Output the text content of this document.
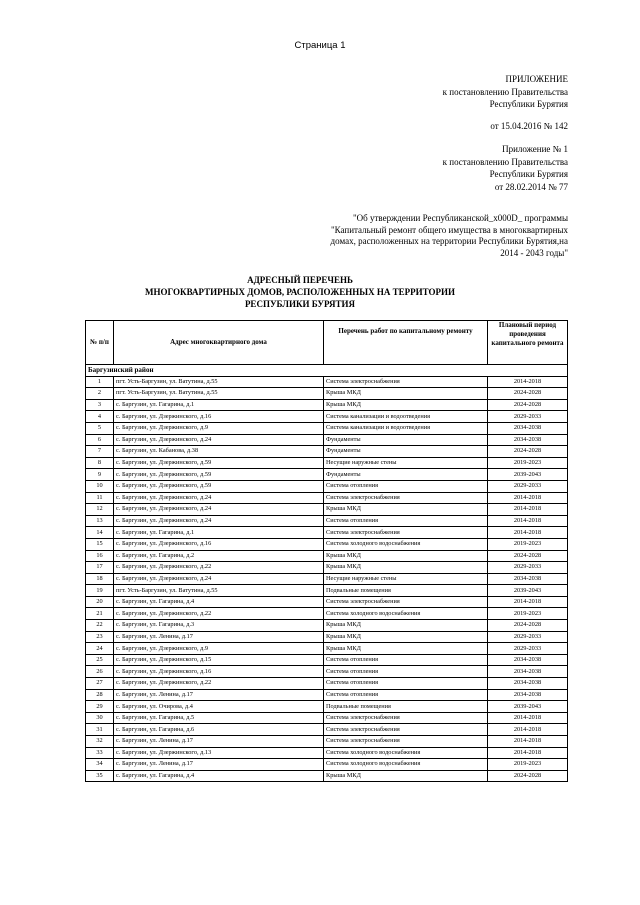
Страница 1
ПРИЛОЖЕНИЕ
к постановлению Правительства
Республики Бурятия
от 15.04.2016 № 142
Приложение № 1
к постановлению Правительства
Республики Бурятия
от 28.02.2014 № 77
"Об утверждении Республиканской_x000D_ программы "Капитальный ремонт общего имущества в многоквартирных домах, расположенных на территории Республики Бурятия,на 2014 - 2043 годы"
АДРЕСНЫЙ ПЕРЕЧЕНЬ
МНОГОКВАРТИРНЫХ ДОМОВ, РАСПОЛОЖЕННЫХ НА ТЕРРИТОРИИ
РЕСПУБЛИКИ БУРЯТИЯ
№ п/п	Адрес многоквартирного дома	Перечень работ по капитальному ремонту	Плановый период проведения капитального ремонта
Баргузинский район			
1	пгт. Усть-Баргузин, ул. Ватутина, д.55	Система электроснабжения	2014-2018
2	пгт. Усть-Баргузин, ул. Ватутина, д.55	Крыша МКД	2024-2028
3	с. Баргузин, ул. Гагарина, д.1	Крыша МКД	2024-2028
4	с. Баргузин, ул. Дзержинского, д.16	Система канализации и водоотведения	2029-2033
5	с. Баргузин, ул. Дзержинского, д.9	Система канализации и водоотведения	2034-2038
6	с. Баргузин, ул. Дзержинского, д.24	Фундаменты	2034-2038
7	с. Баргузин, ул. Кабанова, д.38	Фундаменты	2024-2028
8	с. Баргузин, ул. Дзержинского, д.59	Несущие наружные стены	2019-2023
9	с. Баргузин, ул. Дзержинского, д.59	Фундаменты	2039-2043
10	с. Баргузин, ул. Дзержинского, д.59	Система отопления	2029-2033
11	с. Баргузин, ул. Дзержинского, д.24	Система электроснабжения	2014-2018
12	с. Баргузин, ул. Дзержинского, д.24	Крыша МКД	2014-2018
13	с. Баргузин, ул. Дзержинского, д.24	Система отопления	2014-2018
14	с. Баргузин, ул. Гагарина, д.1	Система электроснабжения	2014-2018
15	с. Баргузин, ул. Дзержинского, д.16	Система холодного водоснабжения	2019-2023
16	с. Баргузин, ул. Гагарина, д.2	Крыша МКД	2024-2028
17	с. Баргузин, ул. Дзержинского, д.22	Крыша МКД	2029-2033
18	с. Баргузин, ул. Дзержинского, д.24	Несущие наружные стены	2034-2038
19	пгт. Усть-Баргузин, ул. Ватутина, д.55	Подвальные помещения	2039-2043
20	с. Баргузин, ул. Гагарина, д.4	Система электроснабжения	2014-2018
21	с. Баргузин, ул. Дзержинского, д.22	Система холодного водоснабжения	2019-2023
22	с. Баргузин, ул. Гагарина, д.3	Крыша МКД	2024-2028
23	с. Баргузин, ул. Ленина, д.17	Крыша МКД	2029-2033
24	с. Баргузин, ул. Дзержинского, д.9	Крыша МКД	2029-2033
25	с. Баргузин, ул. Дзержинского, д.15	Система отопления	2034-2038
26	с. Баргузин, ул. Дзержинского, д.16	Система отопления	2034-2038
27	с. Баргузин, ул. Дзержинского, д.22	Система отопления	2034-2038
28	с. Баргузин, ул. Ленина, д.17	Система отопления	2034-2038
29	с. Баргузин, ул. Очирова, д.4	Подвальные помещения	2039-2043
30	с. Баргузин, ул. Гагарина, д.5	Система электроснабжения	2014-2018
31	с. Баргузин, ул. Гагарина, д.6	Система электроснабжения	2014-2018
32	с. Баргузин, ул. Ленина, д.17	Система электроснабжения	2014-2018
33	с. Баргузин, ул. Дзержинского, д.13	Система холодного водоснабжения	2014-2018
34	с. Баргузин, ул. Ленина, д.17	Система холодного водоснабжения	2019-2023
35	с. Баргузин, ул. Гагарина, д.4	Крыша МКД	2024-2028
